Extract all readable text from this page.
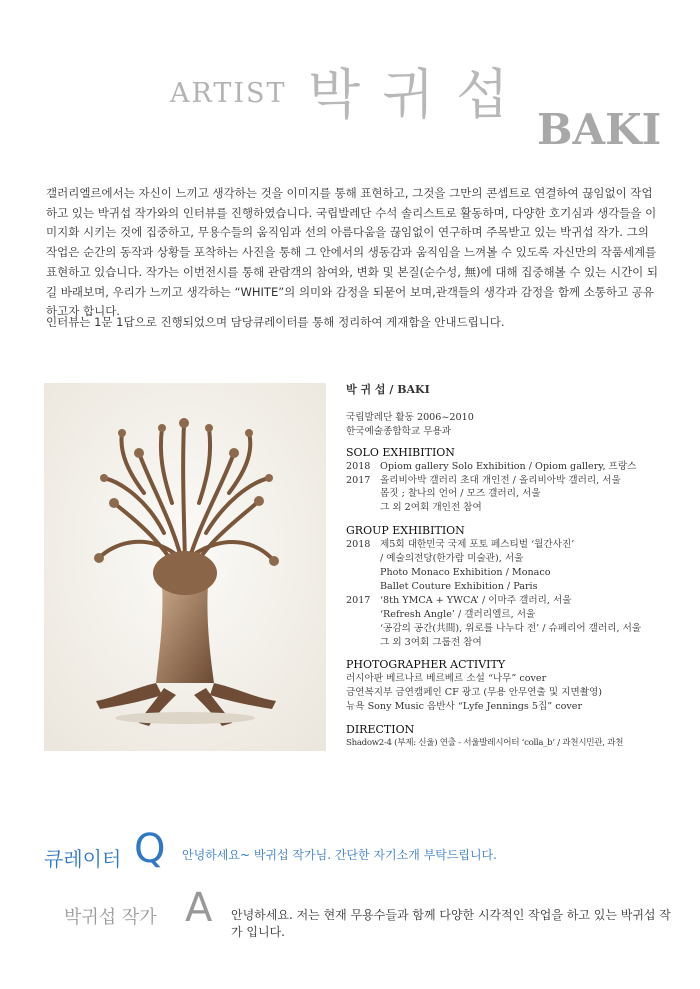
ARTIST 박귀섭
BAKI

갤러리엘르에서는 자신이 느끼고 생각하는 것을 이미지를 통해 표현하고, 그것을 그만의 콘셉트로 연결하여 끊임없이 작업하고 있는 박귀섭 작가와의 인터뷰를 진행하였습니다. 국립발레단 수석 솔리스트로 활동하며, 다양한 호기심과 생각들을 이미지화 시키는 것에 집중하고, 무용수들의 움직임과 선의 아름다움을 끊임없이 연구하며 주목받고 있는 박귀섭 작가. 그의 작업은 순간의 동작과 상황들 포착하는 사진을 통해 그 안에서의 생동감과 움직임을 느껴볼 수 있도록 자신만의 작품세계를 표현하고 있습니다. 작가는 이번전시를 통해 관람객의 참여와, 변화 및 본질(순수성, 無)에 대해 집중해볼 수 있는 시간이 되길 바래보며, 우리가 느끼고 생각하는 “WHITE”의 의미와 감정을 되묻어 보며,관객들의 생각과 감정을 함께 소통하고 공유하고자 합니다.

인터뷰는 1문 1답으로 진행되었으며 담당큐레이터를 통해 정리하여 게재함을 안내드립니다.
박 귀 섭 / BAKI
국립발레단 활동 2006~2010
한국예술종합학교 무용과
SOLO EXHIBITION
2018 Opiom gallery Solo Exhibition / Opiom gallery, 프랑스
2017 올리비아박 갤러리 초대 개인전 / 올리비아박 갤러리, 서울
몸짓 ; 찰나의 언어 / 모즈 갤러리, 서울
그 외 2여회 개인전 참여
GROUP EXHIBITION
2018 제5회 대한민국 국제 포토 페스티벌 ‘월간사진’
/ 예술의전당(한가람 미술관), 서울
Photo Monaco Exhibition / Monaco
Ballet Couture Exhibition / Paris
2017 ‘8th YMCA + YWCA’ / 이마주 갤러리, 서울
‘Refresh Angle’ / 갤러리엘르, 서울
‘공감의 공간(共間), 위로를 나누다 전’ / 슈페리어 갤러리, 서울
그 외 3여회 그룹전 참여
PHOTOGRAPHER ACTIVITY
러시아판 베르나르 베르베르 소설 “나무” cover
금연복지부 금연캠페인 CF 광고 (무용 안무연출 및 지면촬영)
뉴욕 Sony Music 음반사 “Lyfe Jennings 5집” cover
DIRECTION
Shadow2-4 (부제: 신울) 연출 - 서울발레시어터 ‘colla_b’ / 과천시민관, 과천
큐레이터 Q 안녕하세요~ 박귀섭 작가님. 간단한 자기소개 부탁드립니다.
박귀섭 작가 A 안녕하세요. 저는 현재 무용수들과 함께 다양한 시각적인 작업을 하고 있는 박귀섭 작가 입니다.
